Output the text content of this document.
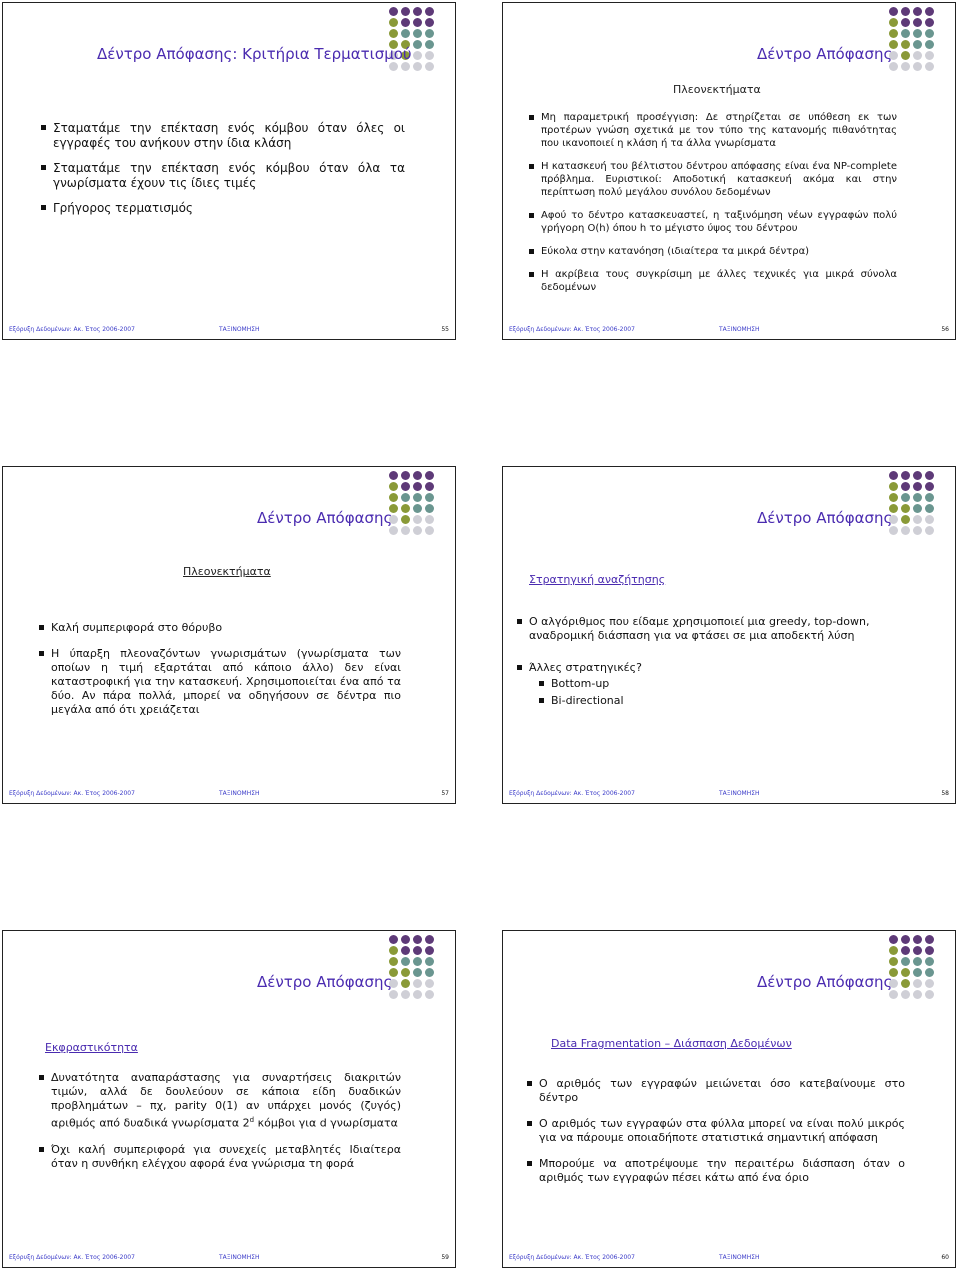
Δέντρο Απόφασης: Κριτήρια Τερματισμού
Σταματάμε την επέκταση ενός κόμβου όταν όλες οι εγγραφές του ανήκουν στην ίδια κλάση
Σταματάμε την επέκταση ενός κόμβου όταν όλα τα γνωρίσματα έχουν τις ίδιες τιμές
Γρήγορος τερματισμός
Εξόρυξη Δεδομένων: Ακ. Έτος 2006-2007	ΤΑΞΙΝΟΜΗΣΗ	55
Δέντρο Απόφασης
Πλεονεκτήματα
Μη παραμετρική προσέγγιση: Δε στηρίζεται σε υπόθεση εκ των προτέρων γνώση σχετικά με τον τύπο της κατανομής πιθανότητας που ικανοποιεί η κλάση ή τα άλλα γνωρίσματα
Η κατασκευή του βέλτιστου δέντρου απόφασης είναι ένα NP-complete πρόβλημα. Ευριστικοί: Αποδοτική κατασκευή ακόμα και στην περίπτωση πολύ μεγάλου συνόλου δεδομένων
Αφού το δέντρο κατασκευαστεί, η ταξινόμηση νέων εγγραφών πολύ γρήγορη O(h) όπου h το μέγιστο ύψος του δέντρου
Εύκολα στην κατανόηση (ιδιαίτερα τα μικρά δέντρα)
Η ακρίβεια τους συγκρίσιμη με άλλες τεχνικές για μικρά σύνολα δεδομένων
Εξόρυξη Δεδομένων: Ακ. Έτος 2006-2007	ΤΑΞΙΝΟΜΗΣΗ	56
Δέντρο Απόφασης
Πλεονεκτήματα
Καλή συμπεριφορά στο θόρυβο
Η ύπαρξη πλεοναζόντων γνωρισμάτων (γνωρίσματα των οποίων η τιμή εξαρτάται από κάποιο άλλο) δεν είναι καταστροφική για την κατασκευή. Χρησιμοποιείται ένα από τα δύο. Αν πάρα πολλά, μπορεί να οδηγήσουν σε δέντρα πιο μεγάλα από ότι χρειάζεται
Εξόρυξη Δεδομένων: Ακ. Έτος 2006-2007	ΤΑΞΙΝΟΜΗΣΗ	57
Δέντρο Απόφασης
Στρατηγική αναζήτησης
Ο αλγόριθμος που είδαμε χρησιμοποιεί μια greedy, top-down, αναδρομική διάσπαση για να φτάσει σε μια αποδεκτή λύση
Άλλες στρατηγικές?
Bottom-up
Bi-directional
Εξόρυξη Δεδομένων: Ακ. Έτος 2006-2007	ΤΑΞΙΝΟΜΗΣΗ	58
Δέντρο Απόφασης
Εκφραστικότητα
Δυνατότητα αναπαράστασης για συναρτήσεις διακριτών τιμών, αλλά δε δουλεύουν σε κάποια είδη δυαδικών προβλημάτων – πχ, parity 0(1) αν υπάρχει μονός (ζυγός) αριθμός από δυαδικά γνωρίσματα 2$^d$ κόμβοι για d γνωρίσματα
Όχι καλή συμπεριφορά για συνεχείς μεταβλητές Ιδιαίτερα όταν η συνθήκη ελέγχου αφορά ένα γνώρισμα τη φορά
Εξόρυξη Δεδομένων: Ακ. Έτος 2006-2007	ΤΑΞΙΝΟΜΗΣΗ	59
Δέντρο Απόφασης
Data Fragmentation – Διάσπαση Δεδομένων
Ο αριθμός των εγγραφών μειώνεται όσο κατεβαίνουμε στο δέντρο
Ο αριθμός των εγγραφών στα φύλλα μπορεί να είναι πολύ μικρός για να πάρουμε οποιαδήποτε στατιστικά σημαντική απόφαση
Μπορούμε να αποτρέψουμε την περαιτέρω διάσπαση όταν ο αριθμός των εγγραφών πέσει κάτω από ένα όριο
Εξόρυξη Δεδομένων: Ακ. Έτος 2006-2007	ΤΑΞΙΝΟΜΗΣΗ	60
